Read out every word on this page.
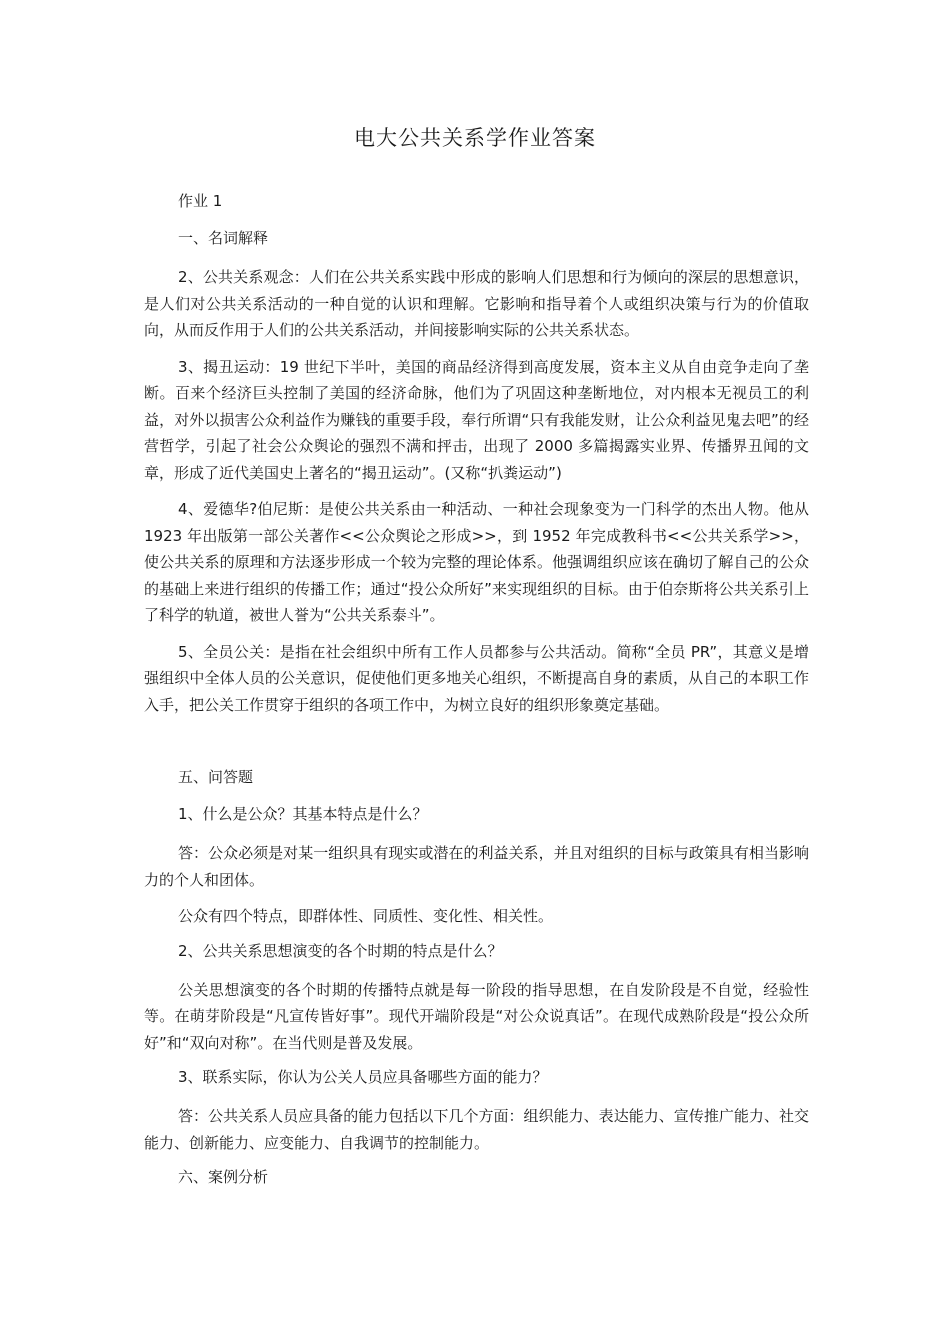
电大公共关系学作业答案

作业 1

一、名词解释

2、公共关系观念：人们在公共关系实践中形成的影响人们思想和行为倾向的深层的思想意识，是人们对公共关系活动的一种自觉的认识和理解。它影响和指导着个人或组织决策与行为的价值取向，从而反作用于人们的公共关系活动，并间接影响实际的公共关系状态。

3、揭丑运动：19 世纪下半叶，美国的商品经济得到高度发展，资本主义从自由竞争走向了垄断。百来个经济巨头控制了美国的经济命脉，他们为了巩固这种垄断地位，对内根本无视员工的利益，对外以损害公众利益作为赚钱的重要手段，奉行所谓“只有我能发财，让公众利益见鬼去吧”的经营哲学，引起了社会公众舆论的强烈不满和抨击，出现了 2000 多篇揭露实业界、传播界丑闻的文章，形成了近代美国史上著名的“揭丑运动”。(又称“扒粪运动”)

4、爱德华?伯尼斯：是使公共关系由一种活动、一种社会现象变为一门科学的杰出人物。他从 1923 年出版第一部公关著作<<公众舆论之形成>>，到 1952 年完成教科书<<公共关系学>>，使公共关系的原理和方法逐步形成一个较为完整的理论体系。他强调组织应该在确切了解自己的公众的基础上来进行组织的传播工作；通过“投公众所好”来实现组织的目标。由于伯奈斯将公共关系引上了科学的轨道，被世人誉为“公共关系泰斗”。

5、全员公关：是指在社会组织中所有工作人员都参与公共活动。简称“全员 PR”，其意义是增强组织中全体人员的公关意识，促使他们更多地关心组织，不断提高自身的素质，从自己的本职工作入手，把公关工作贯穿于组织的各项工作中，为树立良好的组织形象奠定基础。

五、问答题

1、什么是公众？其基本特点是什么？

答：公众必须是对某一组织具有现实或潜在的利益关系，并且对组织的目标与政策具有相当影响力的个人和团体。

公众有四个特点，即群体性、同质性、变化性、相关性。

2、公共关系思想演变的各个时期的特点是什么？

公关思想演变的各个时期的传播特点就是每一阶段的指导思想，在自发阶段是不自觉，经验性等。在萌芽阶段是“凡宣传皆好事”。现代开端阶段是“对公众说真话”。在现代成熟阶段是“投公众所好”和“双向对称”。在当代则是普及发展。

3、联系实际，你认为公关人员应具备哪些方面的能力？

答：公共关系人员应具备的能力包括以下几个方面：组织能力、表达能力、宣传推广能力、社交能力、创新能力、应变能力、自我调节的控制能力。

六、案例分析
